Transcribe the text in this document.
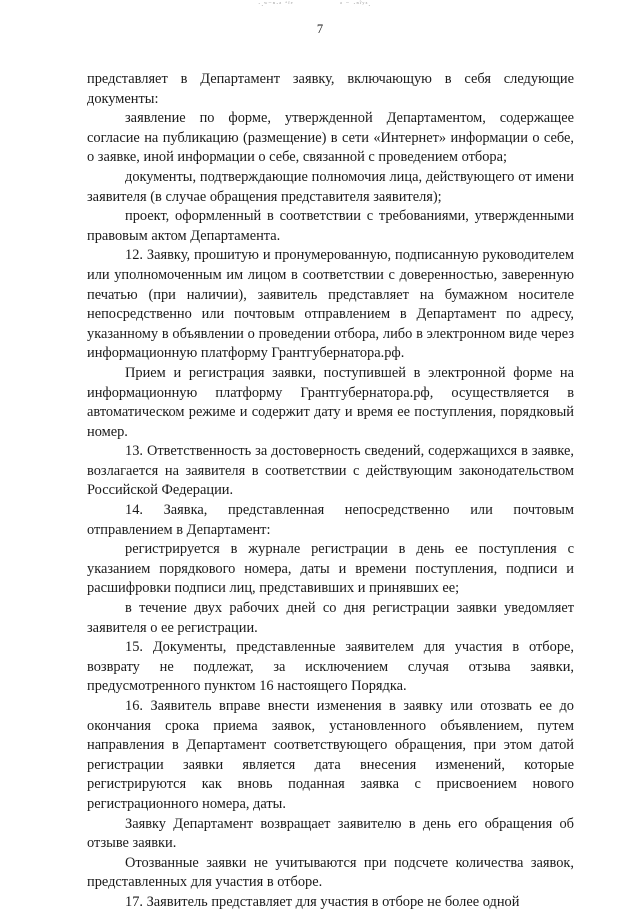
·.ʷ⁻ⁿ·ᵃ ʻᶠᵉ	ᵃ ⁻ ·ⁿˀʸᶻ.
7

представляет в Департамент заявку, включающую в себя следующие документы:

заявление по форме, утвержденной Департаментом, содержащее согласие на публикацию (размещение) в сети «Интернет» информации о себе, о заявке, иной информации о себе, связанной с проведением отбора;

документы, подтверждающие полномочия лица, действующего от имени заявителя (в случае обращения представителя заявителя);

проект, оформленный в соответствии с требованиями, утвержденными правовым актом Департамента.

12. Заявку, прошитую и пронумерованную, подписанную руководителем или уполномоченным им лицом в соответствии с доверенностью, заверенную печатью (при наличии), заявитель представляет на бумажном носителе непосредственно или почтовым отправлением в Департамент по адресу, указанному в объявлении о проведении отбора, либо в электронном виде через информационную платформу Грантгубернатора.рф.

Прием и регистрация заявки, поступившей в электронной форме на информационную платформу Грантгубернатора.рф, осуществляется в автоматическом режиме и содержит дату и время ее поступления, порядковый номер.

13. Ответственность за достоверность сведений, содержащихся в заявке, возлагается на заявителя в соответствии с действующим законодательством Российской Федерации.

14. Заявка, представленная непосредственно или почтовым отправлением в Департамент:

регистрируется в журнале регистрации в день ее поступления с указанием порядкового номера, даты и времени поступления, подписи и расшифровки подписи лиц, представивших и принявших ее;

в течение двух рабочих дней со дня регистрации заявки уведомляет заявителя о ее регистрации.

15. Документы, представленные заявителем для участия в отборе, возврату не подлежат, за исключением случая отзыва заявки, предусмотренного пунктом 16 настоящего Порядка.

16. Заявитель вправе внести изменения в заявку или отозвать ее до окончания срока приема заявок, установленного объявлением, путем направления в Департамент соответствующего обращения, при этом датой регистрации заявки является дата внесения изменений, которые регистрируются как вновь поданная заявка с присвоением нового регистрационного номера, даты.

Заявку Департамент возвращает заявителю в день его обращения об отзыве заявки.

Отозванные заявки не учитываются при подсчете количества заявок, представленных для участия в отборе.

17. Заявитель представляет для участия в отборе не более одной
